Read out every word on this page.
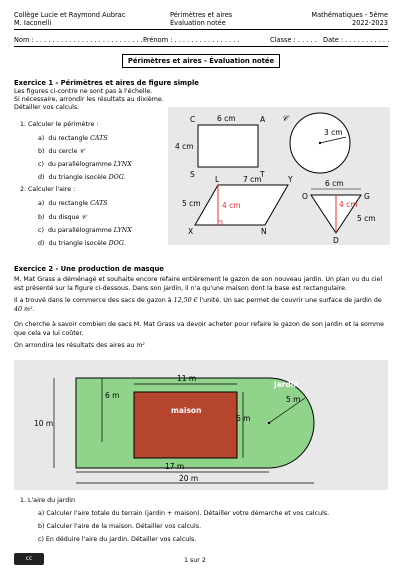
Collège Lucie et Raymond Aubrac
M. Iaconelli
Périmètres et aires
Évaluation notée
Mathématiques - 5ème
2022-2023
Nom : . . . . . . . . . . . . . . . . . . . . . . . . . . .
Prénom : . . . . . . . . . . . . . . . .	Classe : . . . . . Date : . . . . . . . . . . .
Périmètres et aires - Évaluation notée
Exercice 1 - Périmètres et aires de figure simple
Les figures ci-contre ne sont pas à l'échelle.
Si nécessaire, arrondir les résultats au dixième.
Détailler vos calculs.
1. Calculer le périmètre :
a) du rectangle CATS
b) du cercle 𝒞
c) du parallélogramme LYNX
d) du triangle isocèle DOG.
2. Calculer l'aire :
a) du rectangle CATS
b) du disque 𝒞
c) du parallélogramme LYNX
d) du triangle isocèle DOG.
C	A
S	T
6 cm
4 cm
3 cm
𝒞
L	Y
X	N
7 cm
5 cm	4 cm
6 cm
O	G
D
4 cm
5 cm
Exercice 2 - Une production de masque
M. Mat Grass a déménagé et souhaite encore refaire entièrement le gazon de son nouveau jardin. Un plan vu du ciel est présenté sur la figure ci-dessous. Dans son jardin, il n'a qu'une maison dont la base est rectangulaire.
Il a trouvé dans le commerce des sacs de gazon à 12,50 € l'unité. Un sac permet de couvrir une surface de jardin de 40 m².
On cherche à savoir combien de sacs M. Mat Grass va devoir acheter pour refaire le gazon de son jardin et la somme que cela va lui coûter.
On arrondira les résultats des aires au m²
maison
jardin
11 m
6 m
6 m
10 m
5 m
17 m
20 m
1. L'aire du jardin
a) Calculer l'aire totale du terrain (jardin + maison). Détailler votre démarche et vos calculs.
b) Calculer l'aire de la maison. Détailler vos calculs.
c) En déduire l'aire du jardin. Détailler vos calculs.
cc	1 sur 2
